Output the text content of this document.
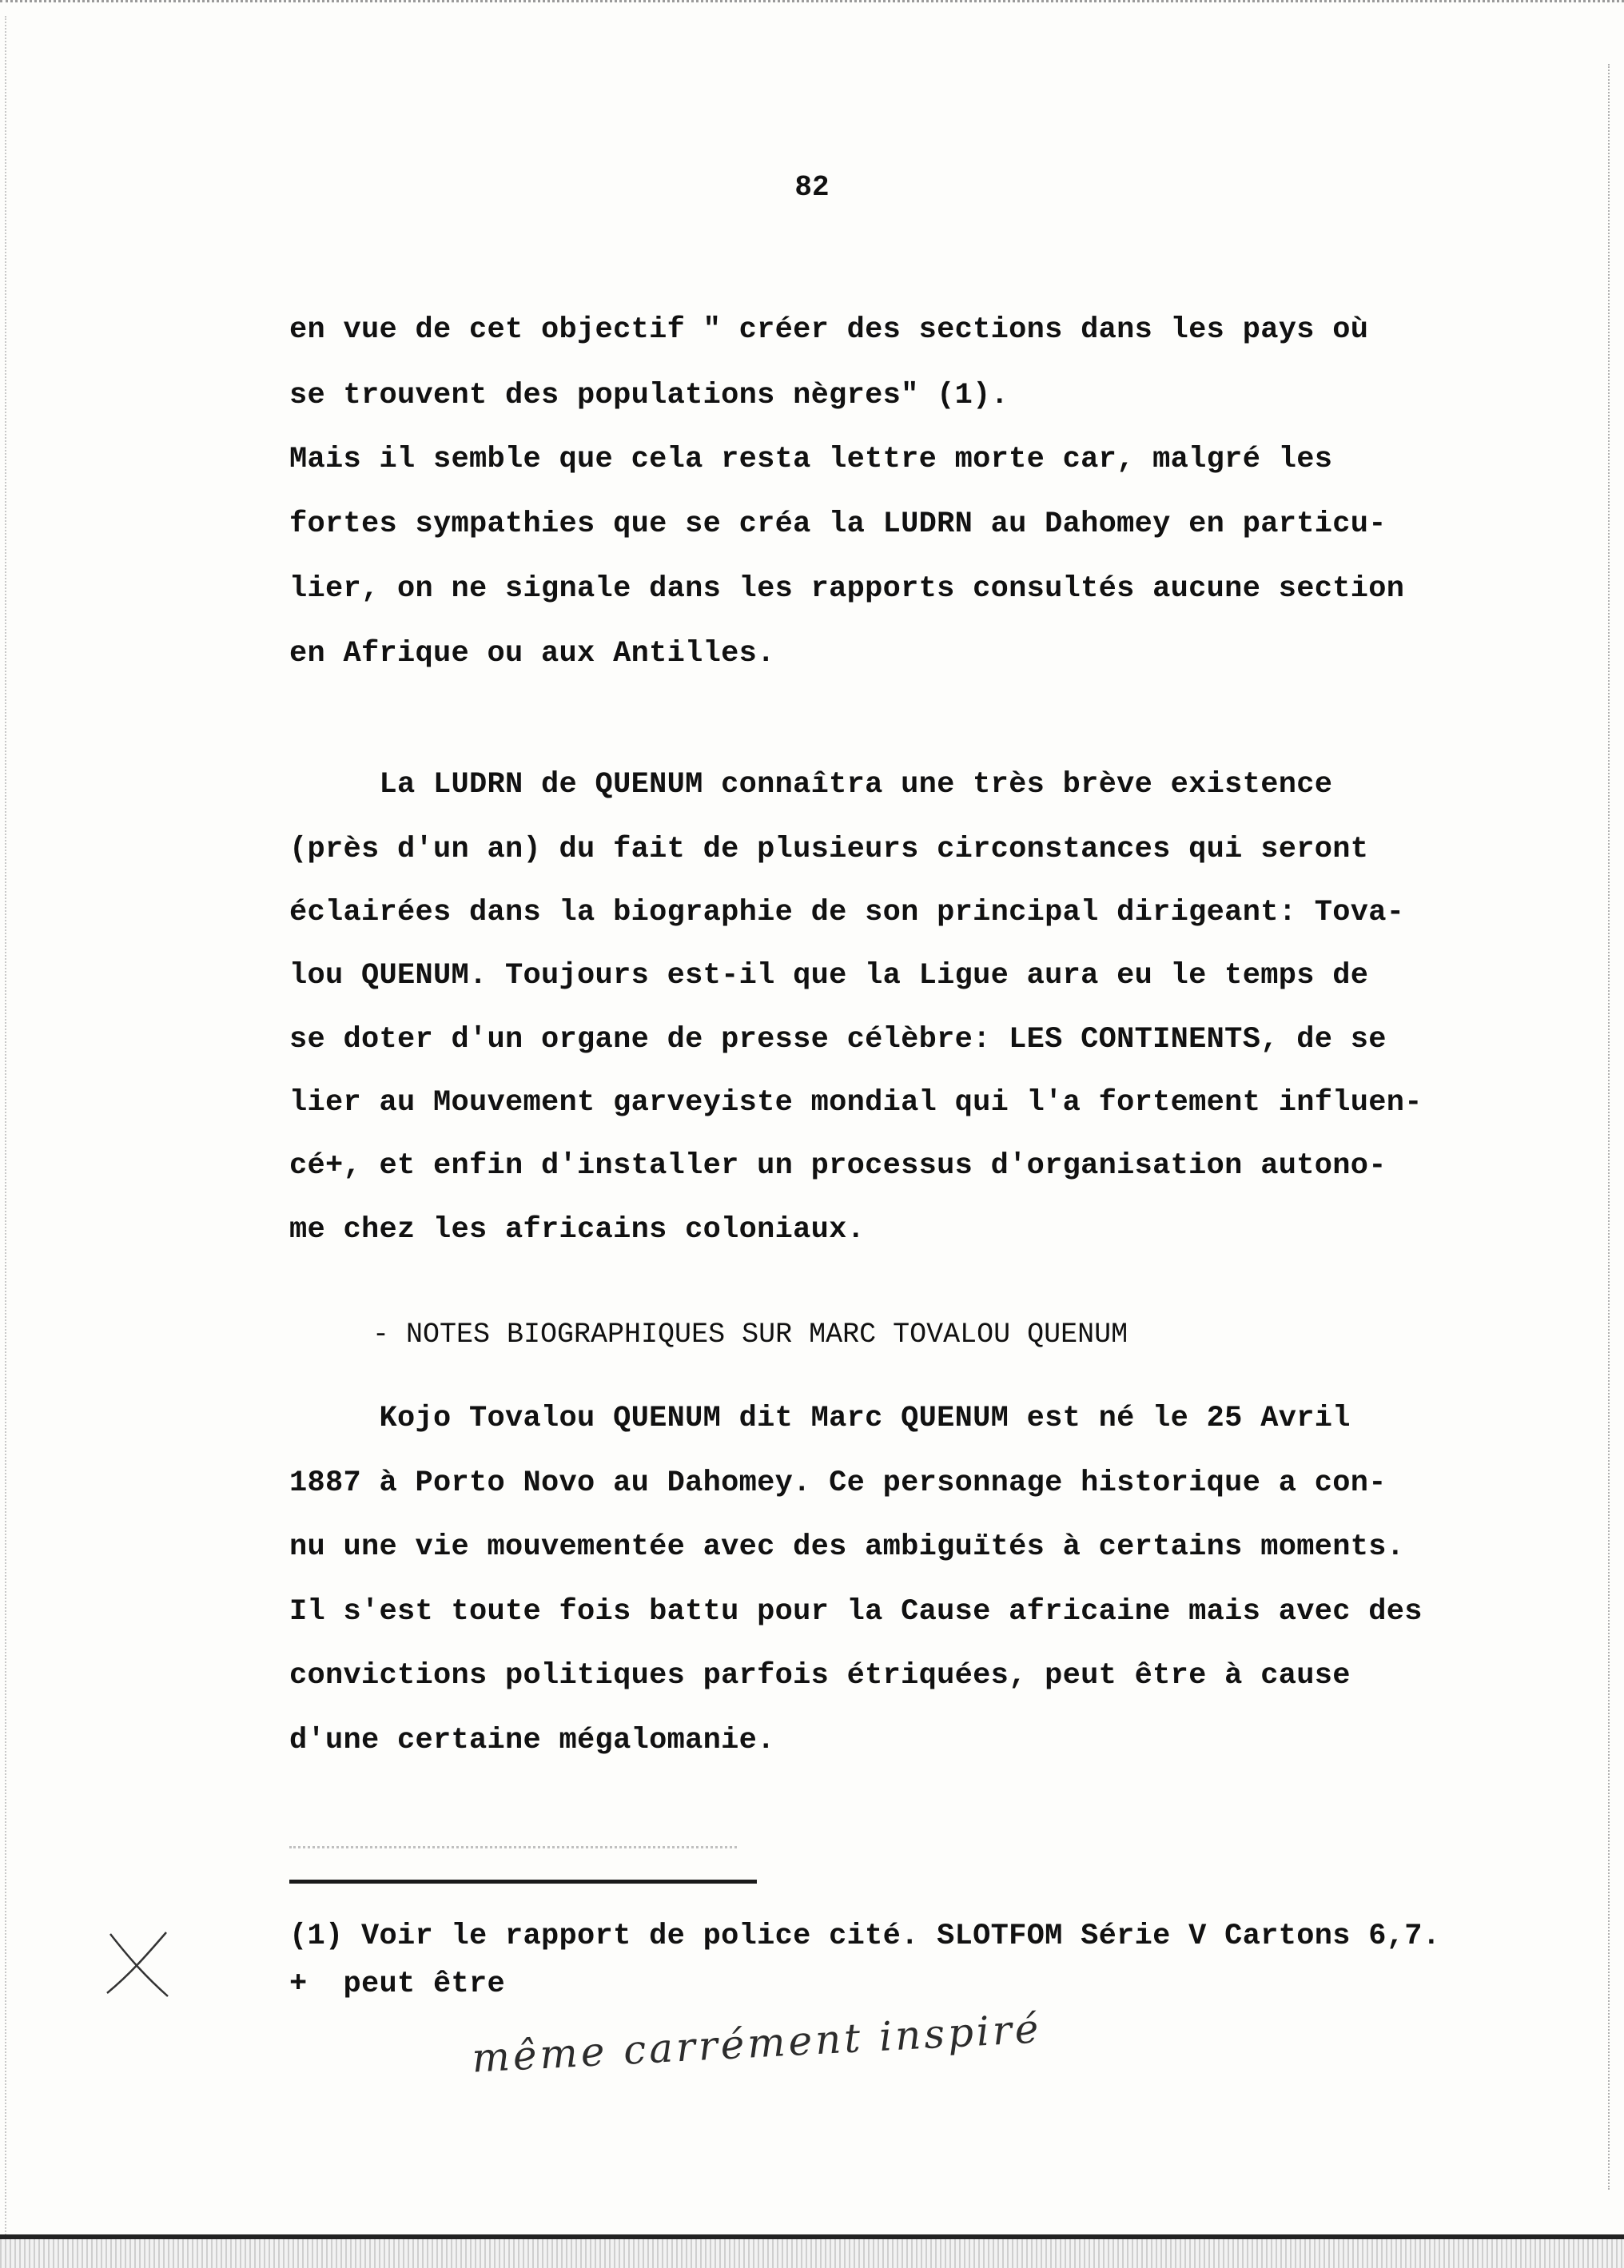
82
en vue de cet objectif " créer des sections dans les pays où
se trouvent des populations nègres" (1).
Mais il semble que cela resta lettre morte car, malgré les
fortes sympathies que se créa la LUDRN au Dahomey en particu-
lier, on ne signale dans les rapports consultés aucune section
en Afrique ou aux Antilles.
La LUDRN de QUENUM connaîtra une très brève existence
(près d'un an) du fait de plusieurs circonstances qui seront
éclairées dans la biographie de son principal dirigeant: Tova-
lou QUENUM. Toujours est-il que la Ligue aura eu le temps de
se doter d'un organe de presse célèbre: LES CONTINENTS, de se
lier au Mouvement garveyiste mondial qui l'a fortement influen-
cé+, et enfin d'installer un processus d'organisation autono-
me chez les africains coloniaux.
- NOTES BIOGRAPHIQUES SUR MARC TOVALOU QUENUM
Kojo Tovalou QUENUM dit Marc QUENUM est né le 25 Avril
1887 à Porto Novo au Dahomey. Ce personnage historique a con-
nu une vie mouvementée avec des ambiguïtés à certains moments.
Il s'est toute fois battu pour la Cause africaine mais avec des
convictions politiques parfois étriquées, peut être à cause
d'une certaine mégalomanie.
(1) Voir le rapport de police cité. SLOTFOM Série V Cartons 6,7.
+  peut être
même carrément inspiré
